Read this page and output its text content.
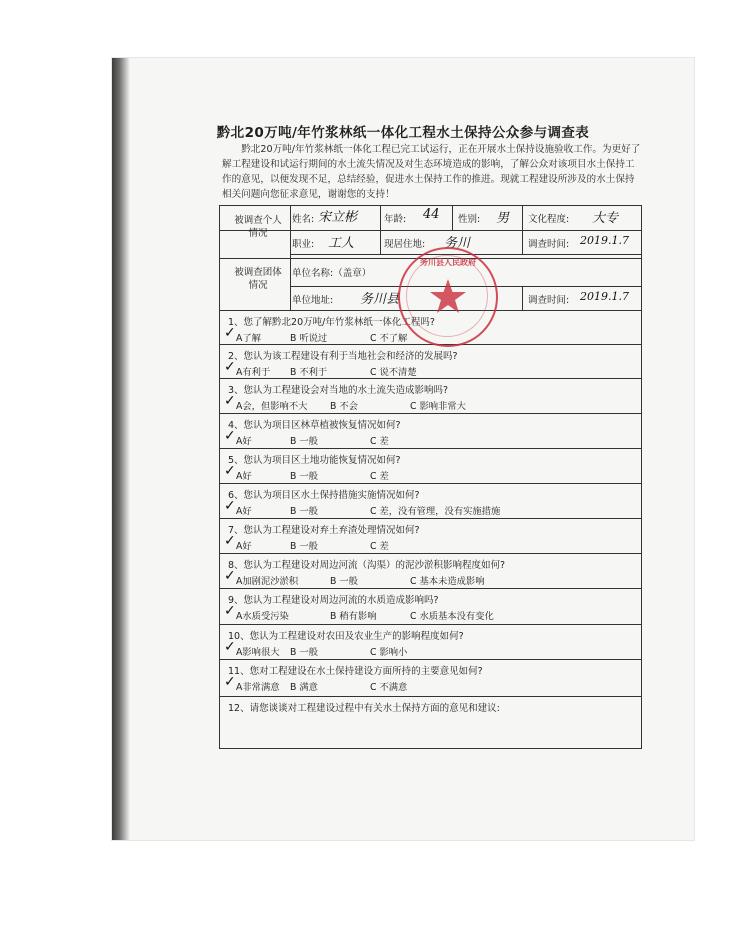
黔北20万吨/年竹浆林纸一体化工程水土保持公众参与调查表

黔北20万吨/年竹浆林纸一体化工程已完工试运行，正在开展水土保持设施验收工作。为更好了解工程建设和试运行期间的水土流失情况及对生态环境造成的影响，了解公众对该项目水土保持工作的意见，以便发现不足，总结经验，促进水土保持工作的推进。现就工程建设所涉及的水土保持相关问题向您征求意见，谢谢您的支持！

被调查个人情况
姓名: 宋立彬	年龄: 44 性别: 男 文化程度: 大专
职业: 工人	现居住地: 务川	调查时间: 2019.1.7
被调查团体情况
单位名称:（盖章）
单位地址: 务川县	调查时间: 2019.1.7
1、您了解黔北20万吨/年竹浆林纸一体化工程吗?
A了解	B 听说过	C 不了解
✓
2、您认为该工程建设有利于当地社会和经济的发展吗?
A有利于 B 不利于	C 说不清楚
✓
3、您认为工程建设会对当地的水土流失造成影响吗?
A会，但影响不大 B 不会	C 影响非常大
✓
4、您认为项目区林草植被恢复情况如何?
A好	B 一般	C 差
✓
5、您认为项目区土地功能恢复情况如何?
A好	B 一般	C 差
✓
6、您认为项目区水土保持措施实施情况如何?
A好	B 一般	C 差，没有管理，没有实施措施
✓
7、您认为工程建设对弃土弃渣处理情况如何?
A好	B 一般	C 差
✓
8、您认为工程建设对周边河流（沟渠）的泥沙淤积影响程度如何?
A加剧泥沙淤积	B 一般	C 基本未造成影响
✓
9、您认为工程建设对周边河流的水质造成影响吗?
A水质受污染	B 稍有影响	C 水质基本没有变化
✓
10、您认为工程建设对农田及农业生产的影响程度如何?
A影响很大 B 一般	C 影响小
✓
11、您对工程建设在水土保持建设方面所持的主要意见如何?
A非常满意 B 满意	C 不满意
✓
12、请您谈谈对工程建设过程中有关水土保持方面的意见和建议:
务川县人民政府
